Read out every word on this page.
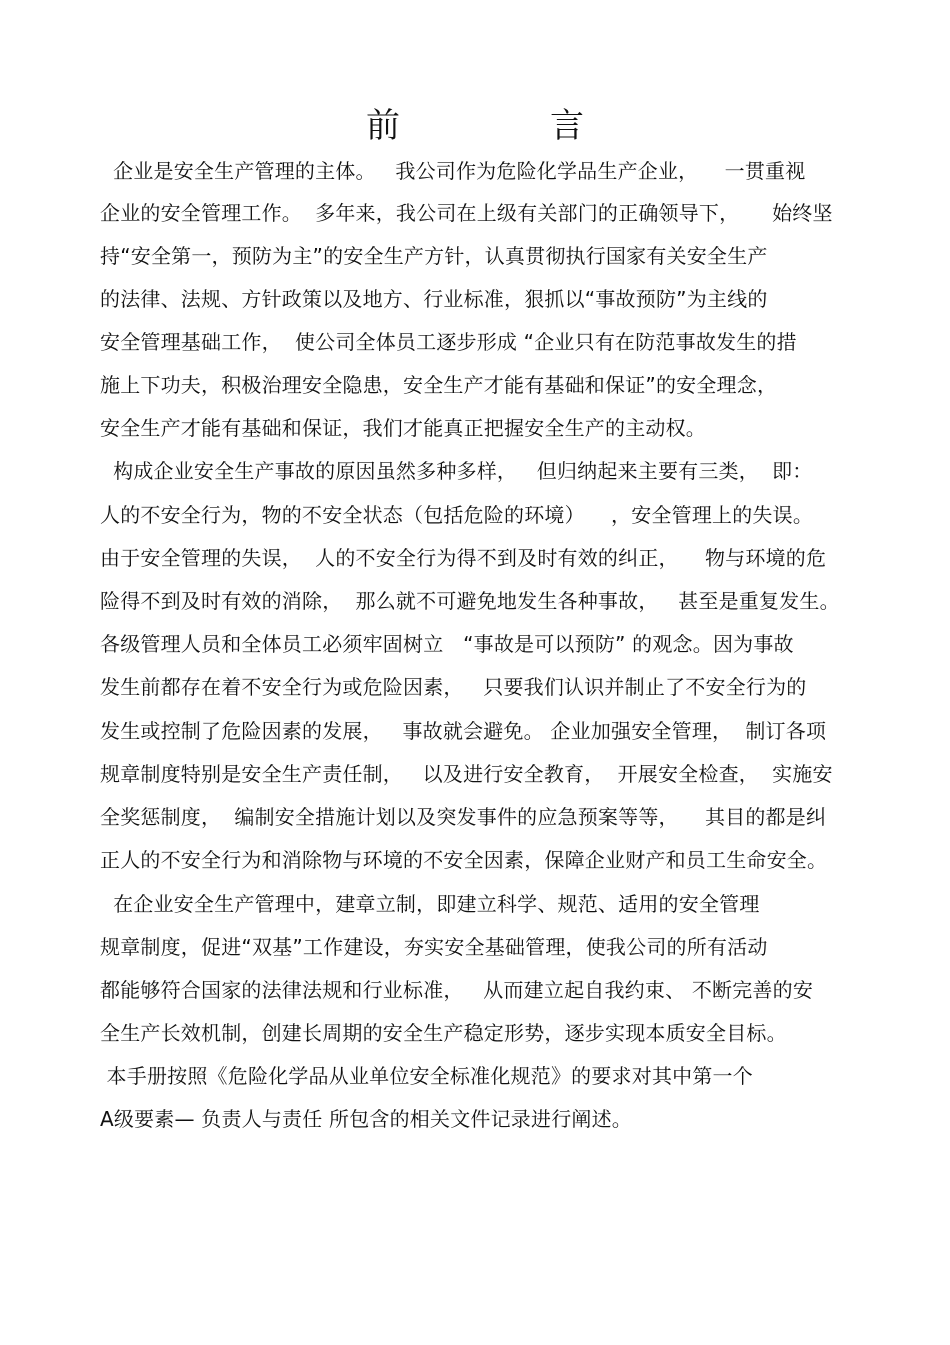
前　言
企业是安全生产管理的主体。   我公司作为危险化学品生产企业，    一贯重视
企业的安全管理工作。  多年来，我公司在上级有关部门的正确领导下，     始终坚
持“安全第一，预防为主”的安全生产方针，认真贯彻执行国家有关安全生产
的法律、法规、方针政策以及地方、行业标准，狠抓以“事故预防”为主线的
安全管理基础工作，  使公司全体员工逐步形成 “企业只有在防范事故发生的措
施上下功夫，积极治理安全隐患，安全生产才能有基础和保证”的安全理念，
安全生产才能有基础和保证，我们才能真正把握安全生产的主动权。
构成企业安全生产事故的原因虽然多种多样，   但归纳起来主要有三类，  即：
人的不安全行为，物的不安全状态（包括危险的环境）    ，安全管理上的失误。
由于安全管理的失误，  人的不安全行为得不到及时有效的纠正，    物与环境的危
险得不到及时有效的消除，  那么就不可避免地发生各种事故，   甚至是重复发生。
各级管理人员和全体员工必须牢固树立   “事故是可以预防” 的观念。因为事故
发生前都存在着不安全行为或危险因素，   只要我们认识并制止了不安全行为的
发生或控制了危险因素的发展，   事故就会避免。 企业加强安全管理，  制订各项
规章制度特别是安全生产责任制，   以及进行安全教育，  开展安全检查，  实施安
全奖惩制度，  编制安全措施计划以及突发事件的应急预案等等，    其目的都是纠
正人的不安全行为和消除物与环境的不安全因素，保障企业财产和员工生命安全。
在企业安全生产管理中，建章立制，即建立科学、规范、适用的安全管理
规章制度，促进“双基”工作建设，夯实安全基础管理，使我公司的所有活动
都能够符合国家的法律法规和行业标准，   从而建立起自我约束、 不断完善的安
全生产长效机制，创建长周期的安全生产稳定形势，逐步实现本质安全目标。
本手册按照《危险化学品从业单位安全标准化规范》的要求对其中第一个
A级要素— 负责人与责任 所包含的相关文件记录进行阐述。
